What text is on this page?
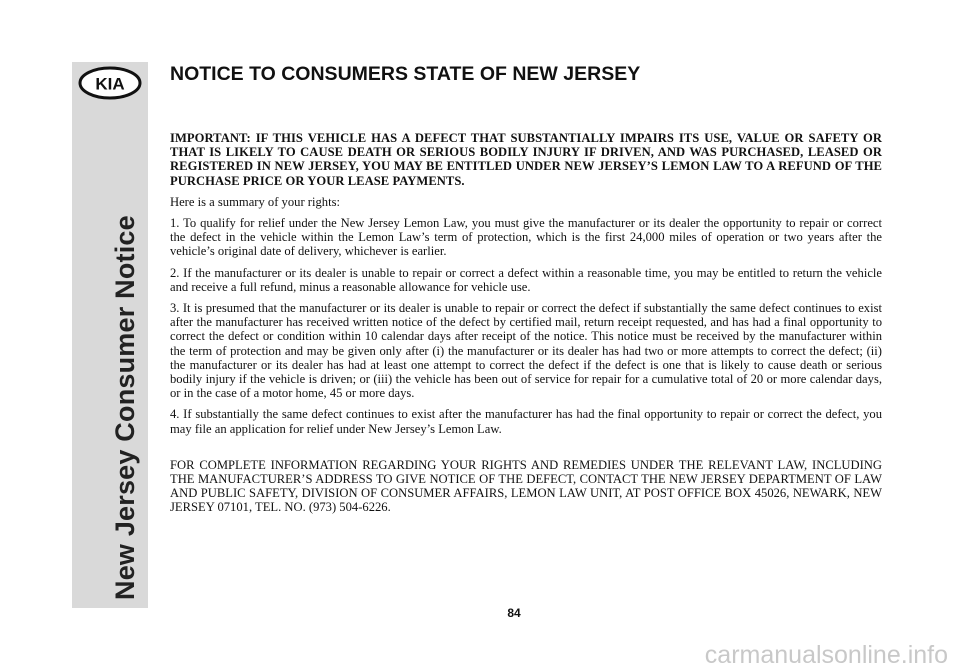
KIA
New Jersey Consumer Notice
NOTICE TO CONSUMERS STATE OF NEW JERSEY

IMPORTANT: IF THIS VEHICLE HAS A DEFECT THAT SUBSTANTIALLY IMPAIRS ITS USE, VALUE OR SAFETY OR THAT IS LIKELY TO CAUSE DEATH OR SERIOUS BODILY INJURY IF DRIVEN, AND WAS PURCHASED, LEASED OR REGISTERED IN NEW JERSEY, YOU MAY BE ENTITLED UNDER NEW JERSEY’S LEMON LAW TO A REFUND OF THE PURCHASE PRICE OR YOUR LEASE PAYMENTS.

Here is a summary of your rights:

1. To qualify for relief under the New Jersey Lemon Law, you must give the manufacturer or its dealer the opportunity to repair or correct the defect in the vehicle within the Lemon Law’s term of protection, which is the first 24,000 miles of operation or two years after the vehicle’s original date of delivery, whichever is earlier.

2. If the manufacturer or its dealer is unable to repair or correct a defect within a reasonable time, you may be entitled to return the vehicle and receive a full refund, minus a reasonable allowance for vehicle use.

3. It is presumed that the manufacturer or its dealer is unable to repair or correct the defect if substantially the same defect continues to exist after the manufacturer has received written notice of the defect by certified mail, return receipt requested, and has had a final opportunity to correct the defect or condition within 10 calendar days after receipt of the notice. This notice must be received by the manufacturer within the term of protection and may be given only after (i) the manufacturer or its dealer has had two or more attempts to correct the defect; (ii) the manufacturer or its dealer has had at least one attempt to correct the defect if the defect is one that is likely to cause death or serious bodily injury if the vehicle is driven; or (iii) the vehicle has been out of service for repair for a cumulative total of 20 or more calendar days, or in the case of a motor home, 45 or more days.

4. If substantially the same defect continues to exist after the manufacturer has had the final opportunity to repair or correct the defect, you may file an application for relief under New Jersey’s Lemon Law.

FOR COMPLETE INFORMATION REGARDING YOUR RIGHTS AND REMEDIES UNDER THE RELEVANT LAW, INCLUDING THE MANUFACTURER’S ADDRESS TO GIVE NOTICE OF THE DEFECT, CONTACT THE NEW JERSEY DEPARTMENT OF LAW AND PUBLIC SAFETY, DIVISION OF CONSUMER AFFAIRS, LEMON LAW UNIT, AT POST OFFICE BOX 45026, NEWARK, NEW JERSEY 07101, TEL. NO. (973) 504-6226.

84
carmanualsonline.info
